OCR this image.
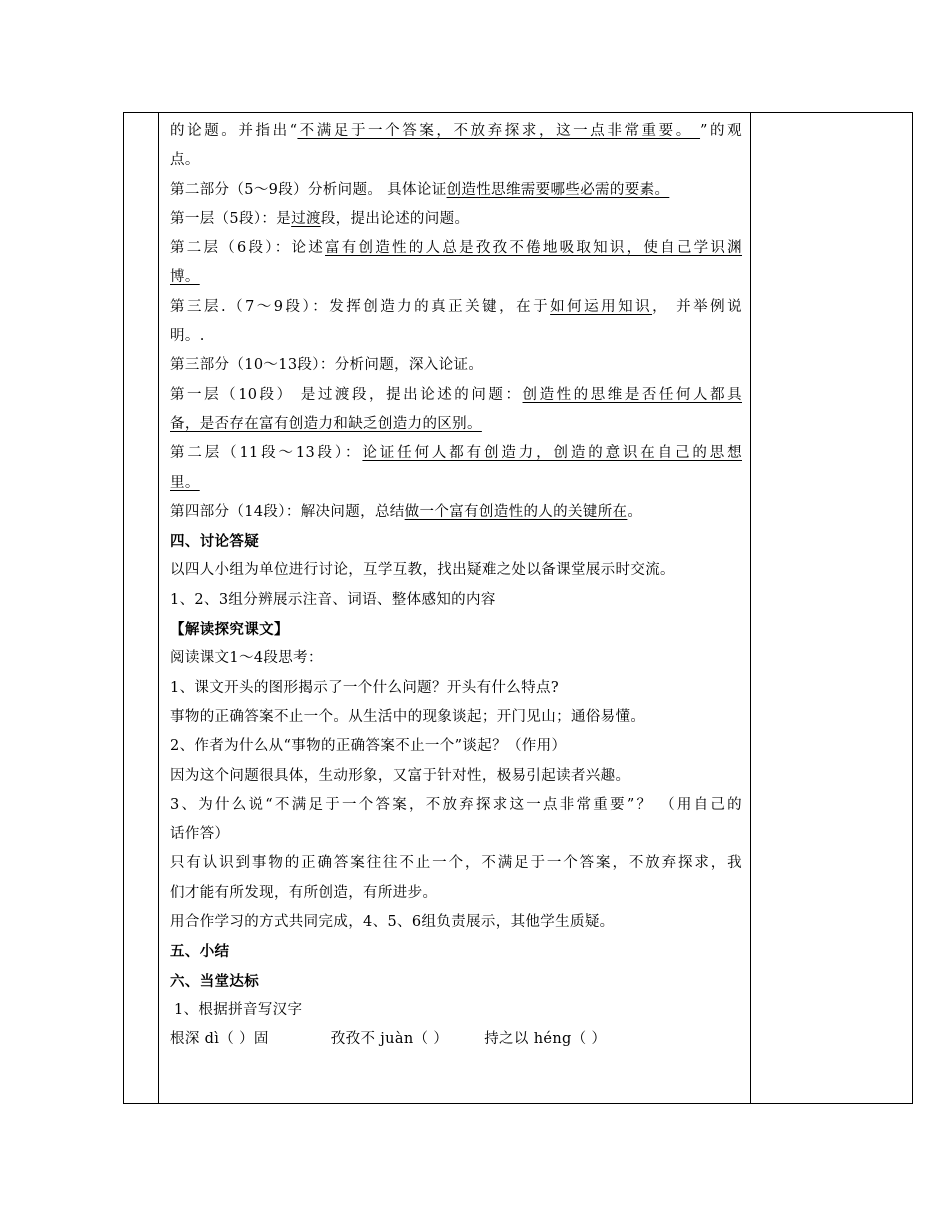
的论题。并指出“不满足于一个答案，不放弃探求，这一点非常重要。 ”的观
点。
第二部分（5～9段）分析问题。 具体论证创造性思维需要哪些必需的要素。
第一层（5段）：是过渡段，提出论述的问题。
第二层（6段）：论述富有创造性的人总是孜孜不倦地吸取知识，使自己学识渊
博。
第三层.（7～9段）：发挥创造力的真正关键，在于如何运用知识， 并举例说
明。.
第三部分（10～13段）：分析问题，深入论证。
第一层（10段） 是过渡段，提出论述的问题：创造性的思维是否任何人都具
备，是否存在富有创造力和缺乏创造力的区别。
第二层（11段～13段）：论证任何人都有创造力，创造的意识在自己的思想
里。
第四部分（14段）：解决问题，总结做一个富有创造性的人的关键所在。
四、讨论答疑
以四人小组为单位进行讨论，互学互教，找出疑难之处以备课堂展示时交流。
1、2、3组分辨展示注音、词语、整体感知的内容
【解读探究课文】
阅读课文1～4段思考：
1、课文开头的图形揭示了一个什么问题？开头有什么特点?
事物的正确答案不止一个。从生活中的现象谈起；开门见山；通俗易懂。
2、作者为什么从“事物的正确答案不止一个”谈起？（作用）
因为这个问题很具体，生动形象，又富于针对性，极易引起读者兴趣。
3、为什么说“不满足于一个答案，不放弃探求这一点非常重要”？ （用自己的
话作答）
只有认识到事物的正确答案往往不止一个，不满足于一个答案，不放弃探求，我
们才能有所发现，有所创造，有所进步。
用合作学习的方式共同完成，4、5、6组负责展示，其他学生质疑。
五、小结
六、当堂达标
1、根据拼音写汉字
根深 dì（ ）固	孜孜不 juàn（ ） 持之以 héng（ ）
